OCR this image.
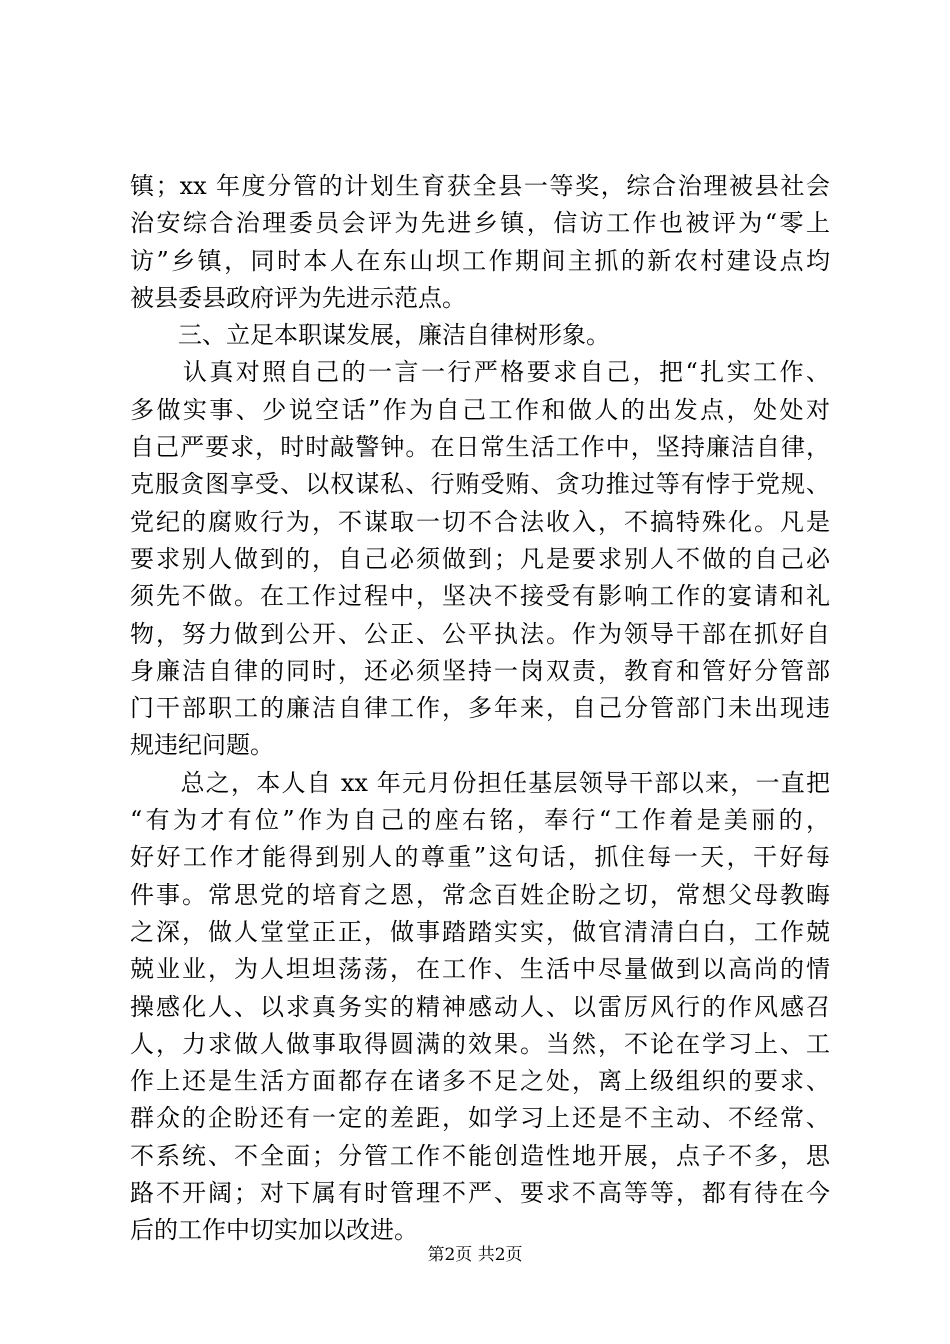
镇；xx 年度分管的计划生育获全县一等奖，综合治理被县社会
治安综合治理委员会评为先进乡镇，信访工作也被评为“零上
访”乡镇，同时本人在东山坝工作期间主抓的新农村建设点均
被县委县政府评为先进示范点。
　　三、立足本职谋发展，廉洁自律树形象。
　　认真对照自己的一言一行严格要求自己，把“扎实工作、
多做实事、少说空话”作为自己工作和做人的出发点，处处对
自己严要求，时时敲警钟。在日常生活工作中，坚持廉洁自律，
克服贪图享受、以权谋私、行贿受贿、贪功推过等有悖于党规、
党纪的腐败行为，不谋取一切不合法收入，不搞特殊化。凡是
要求别人做到的，自己必须做到；凡是要求别人不做的自己必
须先不做。在工作过程中，坚决不接受有影响工作的宴请和礼
物，努力做到公开、公正、公平执法。作为领导干部在抓好自
身廉洁自律的同时，还必须坚持一岗双责，教育和管好分管部
门干部职工的廉洁自律工作，多年来，自己分管部门未出现违
规违纪问题。
　　总之，本人自 xx 年元月份担任基层领导干部以来，一直把
“有为才有位”作为自己的座右铭，奉行“工作着是美丽的，
好好工作才能得到别人的尊重”这句话，抓住每一天，干好每
件事。常思党的培育之恩，常念百姓企盼之切，常想父母教晦
之深，做人堂堂正正，做事踏踏实实，做官清清白白，工作兢
兢业业，为人坦坦荡荡，在工作、生活中尽量做到以高尚的情
操感化人、以求真务实的精神感动人、以雷厉风行的作风感召
人，力求做人做事取得圆满的效果。当然，不论在学习上、工
作上还是生活方面都存在诸多不足之处，离上级组织的要求、
群众的企盼还有一定的差距，如学习上还是不主动、不经常、
不系统、不全面；分管工作不能创造性地开展，点子不多，思
路不开阔；对下属有时管理不严、要求不高等等，都有待在今
后的工作中切实加以改进。
第2页 共2页
